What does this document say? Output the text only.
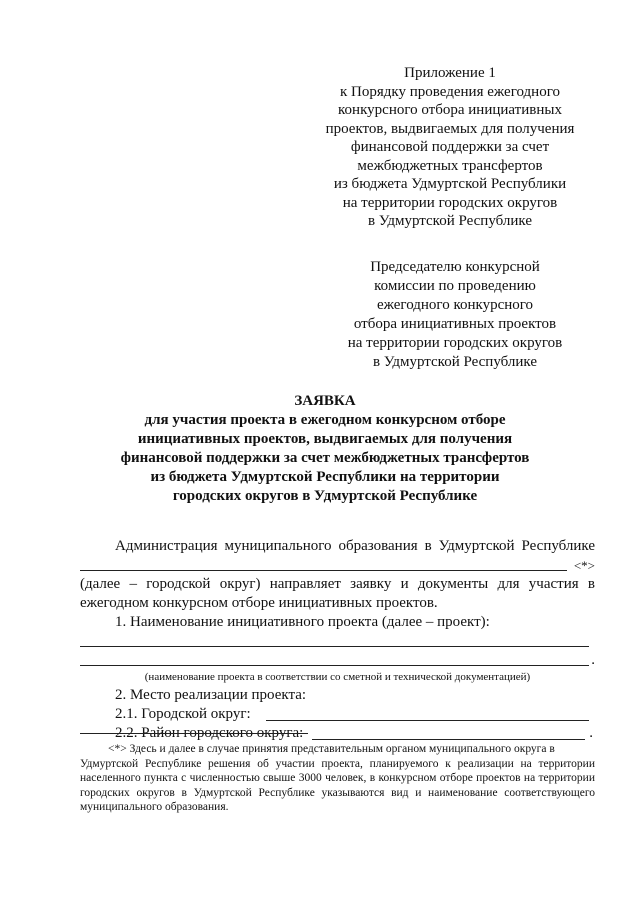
Приложение 1
к Порядку проведения ежегодного
конкурсного отбора инициативных
проектов, выдвигаемых для получения
финансовой поддержки за счет
межбюджетных трансфертов
из бюджета Удмуртской Республики
на территории городских округов
в Удмуртской Республике
Председателю конкурсной
комиссии по проведению
ежегодного конкурсного
отбора инициативных проектов
на территории городских округов
в Удмуртской Республике
ЗАЯВКА
для участия проекта в ежегодном конкурсном отборе
инициативных проектов, выдвигаемых для получения
финансовой поддержки за счет межбюджетных трансфертов
из бюджета Удмуртской Республики на территории
городских округов в Удмуртской Республике
Администрация муниципального образования в Удмуртской Республике
<*>
(далее – городской округ) направляет заявку и документы для участия в
ежегодном конкурсном отборе инициативных проектов.
1. Наименование инициативного проекта (далее – проект):
.
(наименование проекта в соответствии со сметной и технической документацией)
2. Место реализации проекта:
2.1. Городской округ:
2.2. Район городского округа:	.
<*> Здесь и далее в случае принятия представительным органом муниципального округа в
Удмуртской Республике решения об участии проекта, планируемого к реализации на территории населенного пункта с численностью свыше 3000 человек, в конкурсном отборе проектов на территории городских округов в Удмуртской Республике указываются вид и наименование соответствующего муниципального образования.
